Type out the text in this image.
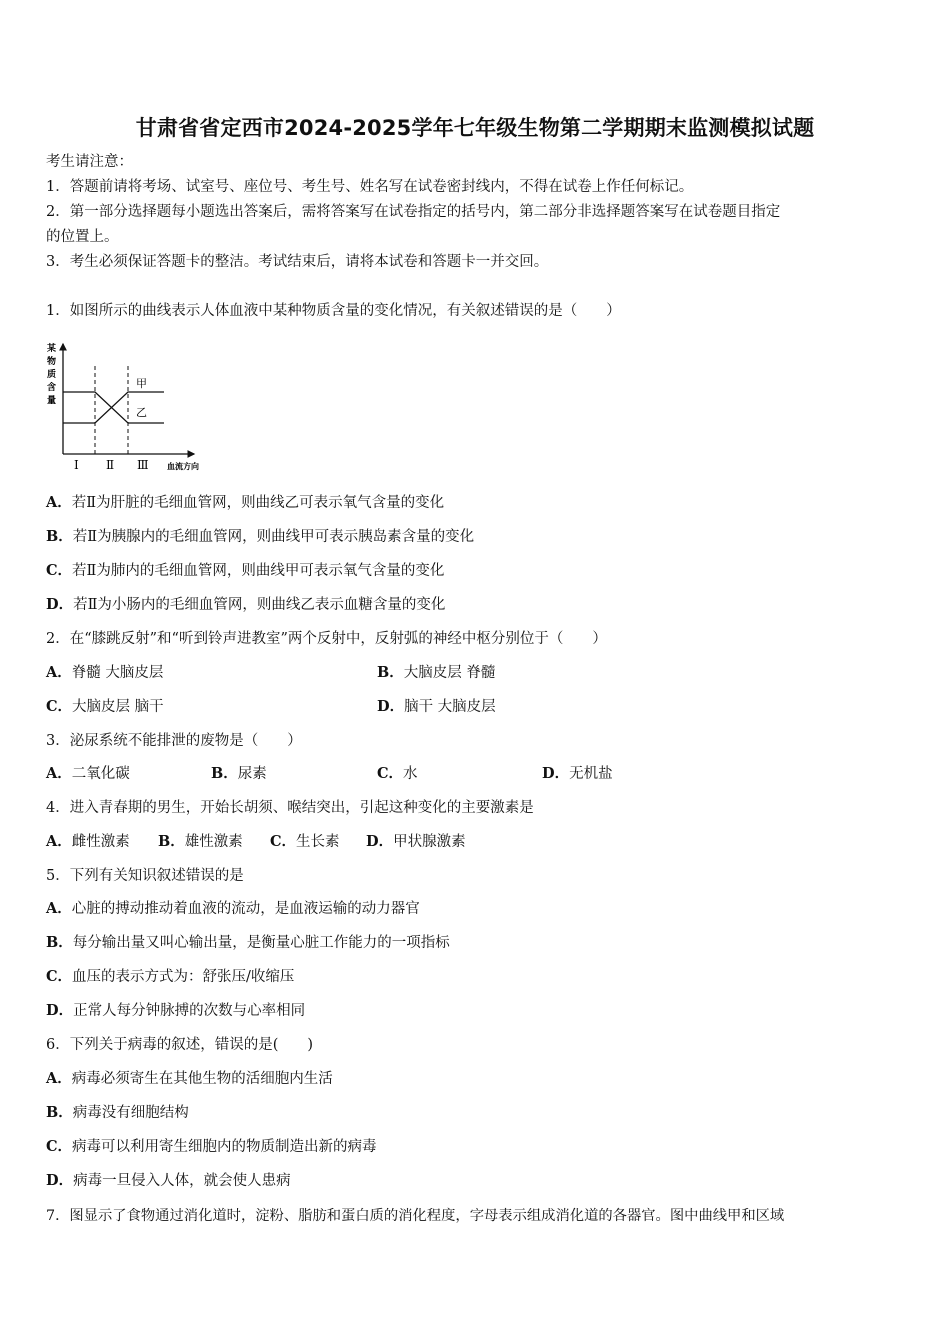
甘肃省省定西市2024-2025学年七年级生物第二学期期末监测模拟试题
考生请注意：
1．答题前请将考场、试室号、座位号、考生号、姓名写在试卷密封线内，不得在试卷上作任何标记。
2．第一部分选择题每小题选出答案后，需将答案写在试卷指定的括号内，第二部分非选择题答案写在试卷题目指定
的位置上。
3．考生必须保证答题卡的整洁。考试结束后，请将本试卷和答题卡一并交回。
1．如图所示的曲线表示人体血液中某种物质含量的变化情况，有关叙述错误的是（　　）
某
物
质
含
量
甲
乙
Ⅰ Ⅱ Ⅲ 血流方向
A．若Ⅱ为肝脏的毛细血管网，则曲线乙可表示氧气含量的变化
B．若Ⅱ为胰腺内的毛细血管网，则曲线甲可表示胰岛素含量的变化
C．若Ⅱ为肺内的毛细血管网，则曲线甲可表示氧气含量的变化
D．若Ⅱ为小肠内的毛细血管网，则曲线乙表示血糖含量的变化
2．在“膝跳反射”和“听到铃声进教室”两个反射中，反射弧的神经中枢分别位于（　　）
A．脊髓 大脑皮层	B．大脑皮层 脊髓
C．大脑皮层 脑干	D．脑干 大脑皮层
3．泌尿系统不能排泄的废物是（　　）
A．二氧化碳	B．尿素	C．水	D．无机盐
4．进入青春期的男生，开始长胡须、喉结突出，引起这种变化的主要激素是
A．雌性激素 B．雄性激素 C．生长素 D．甲状腺激素
5．下列有关知识叙述错误的是
A．心脏的搏动推动着血液的流动，是血液运输的动力器官
B．每分输出量又叫心输出量，是衡量心脏工作能力的一项指标
C．血压的表示方式为：舒张压/收缩压
D．正常人每分钟脉搏的次数与心率相同
6．下列关于病毒的叙述，错误的是(　　)
A．病毒必须寄生在其他生物的活细胞内生活
B．病毒没有细胞结构
C．病毒可以利用寄生细胞内的物质制造出新的病毒
D．病毒一旦侵入人体，就会使人患病
7．图显示了食物通过消化道时，淀粉、脂肪和蛋白质的消化程度，字母表示组成消化道的各器官。图中曲线甲和区域
